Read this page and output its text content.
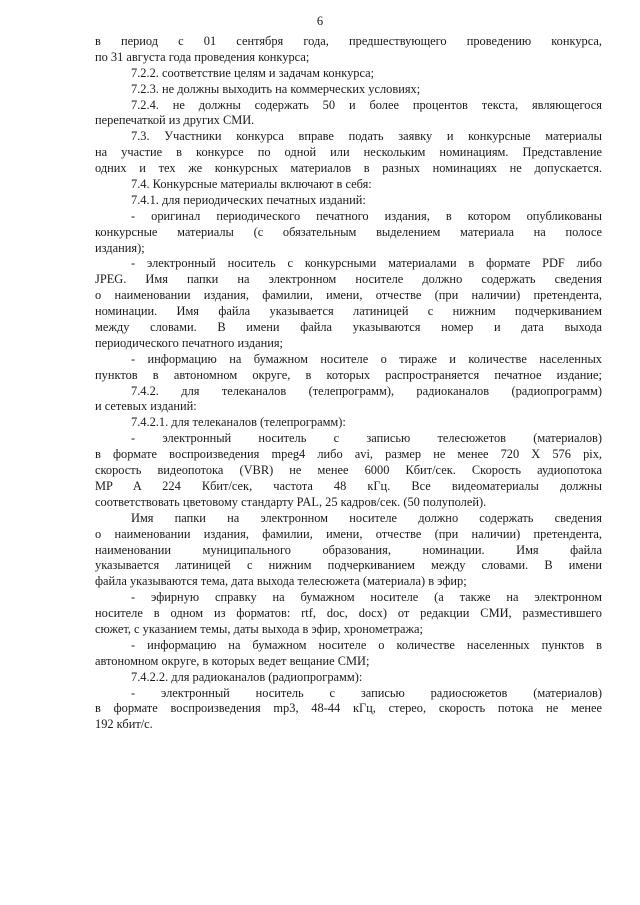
6
в период с 01 сентября года, предшествующего проведению конкурса,
по 31 августа года проведения конкурса;
7.2.2. соответствие целям и задачам конкурса;
7.2.3. не должны выходить на коммерческих условиях;
7.2.4. не должны содержать 50 и более процентов текста, являющегося
перепечаткой из других СМИ.
7.3. Участники конкурса вправе подать заявку и конкурсные материалы
на участие в конкурсе по одной или нескольким номинациям. Представление
одних и тех же конкурсных материалов в разных номинациях не допускается.
7.4. Конкурсные материалы включают в себя:
7.4.1. для периодических печатных изданий:
- оригинал периодического печатного издания, в котором опубликованы
конкурсные материалы (с обязательным выделением материала на полосе
издания);
- электронный носитель с конкурсными материалами в формате PDF либо
JPEG. Имя папки на электронном носителе должно содержать сведения
о наименовании издания, фамилии, имени, отчестве (при наличии) претендента,
номинации. Имя файла указывается латиницей с нижним подчеркиванием
между словами. В имени файла указываются номер и дата выхода
периодического печатного издания;
- информацию на бумажном носителе о тираже и количестве населенных
пунктов в автономном округе, в которых распространяется печатное издание;
7.4.2. для телеканалов (телепрограмм), радиоканалов (радиопрограмм)
и сетевых изданий:
7.4.2.1. для телеканалов (телепрограмм):
- электронный носитель с записью телесюжетов (материалов)
в формате воспроизведения mpeg4 либо avi, размер не менее 720 X 576 pix,
скорость видеопотока (VBR) не менее 6000 Кбит/сек. Скорость аудиопотока
MP A 224 Кбит/сек, частота 48 кГц. Все видеоматериалы должны
соответствовать цветовому стандарту PAL, 25 кадров/сек. (50 полуполей).
Имя папки на электронном носителе должно содержать сведения
о наименовании издания, фамилии, имени, отчестве (при наличии) претендента,
наименовании муниципального образования, номинации. Имя файла
указывается латиницей с нижним подчеркиванием между словами. В имени
файла указываются тема, дата выхода телесюжета (материала) в эфир;
- эфирную справку на бумажном носителе (а также на электронном
носителе в одном из форматов: rtf, doc, docx) от редакции СМИ, разместившего
сюжет, с указанием темы, даты выхода в эфир, хронометража;
- информацию на бумажном носителе о количестве населенных пунктов в
автономном округе, в которых ведет вещание СМИ;
7.4.2.2. для радиоканалов (радиопрограмм):
- электронный носитель с записью радиосюжетов (материалов)
в формате воспроизведения mp3, 48-44 кГц, стерео, скорость потока не менее
192 кбит/с.
